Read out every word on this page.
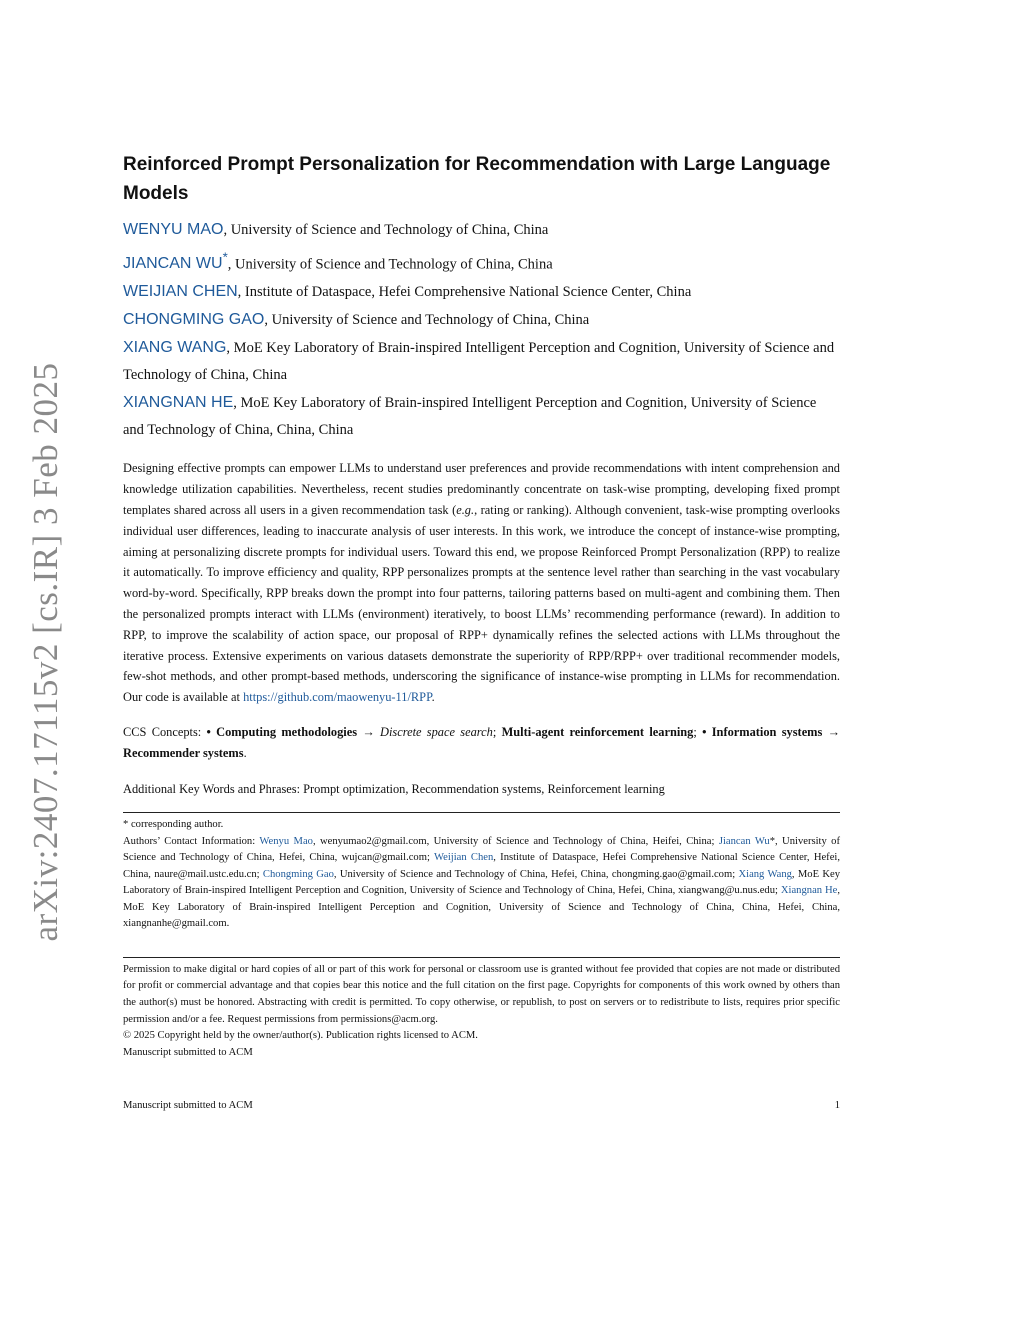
arXiv:2407.17115v2 [cs.IR] 3 Feb 2025
Reinforced Prompt Personalization for Recommendation with Large Language Models
WENYU MAO, University of Science and Technology of China, China
JIANCAN WU*, University of Science and Technology of China, China
WEIJIAN CHEN, Institute of Dataspace, Hefei Comprehensive National Science Center, China
CHONGMING GAO, University of Science and Technology of China, China
XIANG WANG, MoE Key Laboratory of Brain-inspired Intelligent Perception and Cognition, University of Science and Technology of China, China
XIANGNAN HE, MoE Key Laboratory of Brain-inspired Intelligent Perception and Cognition, University of Science and Technology of China, China, China
Designing effective prompts can empower LLMs to understand user preferences and provide recommendations with intent comprehension and knowledge utilization capabilities. Nevertheless, recent studies predominantly concentrate on task-wise prompting, developing fixed prompt templates shared across all users in a given recommendation task (e.g., rating or ranking). Although convenient, task-wise prompting overlooks individual user differences, leading to inaccurate analysis of user interests. In this work, we introduce the concept of instance-wise prompting, aiming at personalizing discrete prompts for individual users. Toward this end, we propose Reinforced Prompt Personalization (RPP) to realize it automatically. To improve efficiency and quality, RPP personalizes prompts at the sentence level rather than searching in the vast vocabulary word-by-word. Specifically, RPP breaks down the prompt into four patterns, tailoring patterns based on multi-agent and combining them. Then the personalized prompts interact with LLMs (environment) iteratively, to boost LLMs’ recommending performance (reward). In addition to RPP, to improve the scalability of action space, our proposal of RPP+ dynamically refines the selected actions with LLMs throughout the iterative process. Extensive experiments on various datasets demonstrate the superiority of RPP/RPP+ over traditional recommender models, few-shot methods, and other prompt-based methods, underscoring the significance of instance-wise prompting in LLMs for recommendation. Our code is available at https://github.com/maowenyu-11/RPP.
CCS Concepts: • Computing methodologies → Discrete space search; Multi-agent reinforcement learning; • Information systems → Recommender systems.
Additional Key Words and Phrases: Prompt optimization, Recommendation systems, Reinforcement learning

* corresponding author.

Authors’ Contact Information: Wenyu Mao, wenyumao2@gmail.com, University of Science and Technology of China, Heifei, China; Jiancan Wu*, University of Science and Technology of China, Hefei, China, wujcan@gmail.com; Weijian Chen, Institute of Dataspace, Hefei Comprehensive National Science Center, Hefei, China, naure@mail.ustc.edu.cn; Chongming Gao, University of Science and Technology of China, Hefei, China, chongming.gao@gmail.com; Xiang Wang, MoE Key Laboratory of Brain-inspired Intelligent Perception and Cognition, University of Science and Technology of China, Hefei, China, xiangwang@u.nus.edu; Xiangnan He, MoE Key Laboratory of Brain-inspired Intelligent Perception and Cognition, University of Science and Technology of China, China, Hefei, China, xiangnanhe@gmail.com.

Permission to make digital or hard copies of all or part of this work for personal or classroom use is granted without fee provided that copies are not made or distributed for profit or commercial advantage and that copies bear this notice and the full citation on the first page. Copyrights for components of this work owned by others than the author(s) must be honored. Abstracting with credit is permitted. To copy otherwise, or republish, to post on servers or to redistribute to lists, requires prior specific permission and/or a fee. Request permissions from permissions@acm.org.

© 2025 Copyright held by the owner/author(s). Publication rights licensed to ACM.

Manuscript submitted to ACM

Manuscript submitted to ACM	1
